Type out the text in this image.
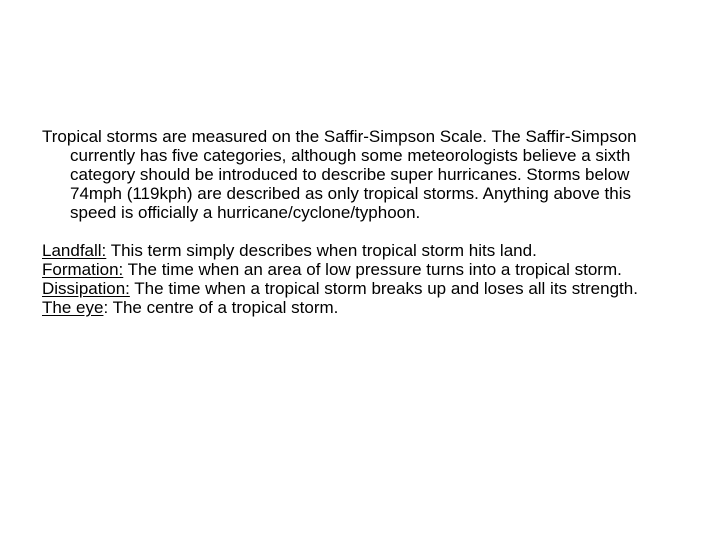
Tropical storms are measured on the Saffir-Simpson Scale. The Saffir-Simpson currently has five categories, although some meteorologists believe a sixth category should be introduced to describe super hurricanes. Storms below 74mph (119kph) are described as only tropical storms. Anything above this speed is officially a hurricane/cyclone/typhoon.

Landfall: This term simply describes when tropical storm hits land.

Formation: The time when an area of low pressure turns into a tropical storm.

Dissipation: The time when a tropical storm breaks up and loses all its strength.

The eye: The centre of a tropical storm.
